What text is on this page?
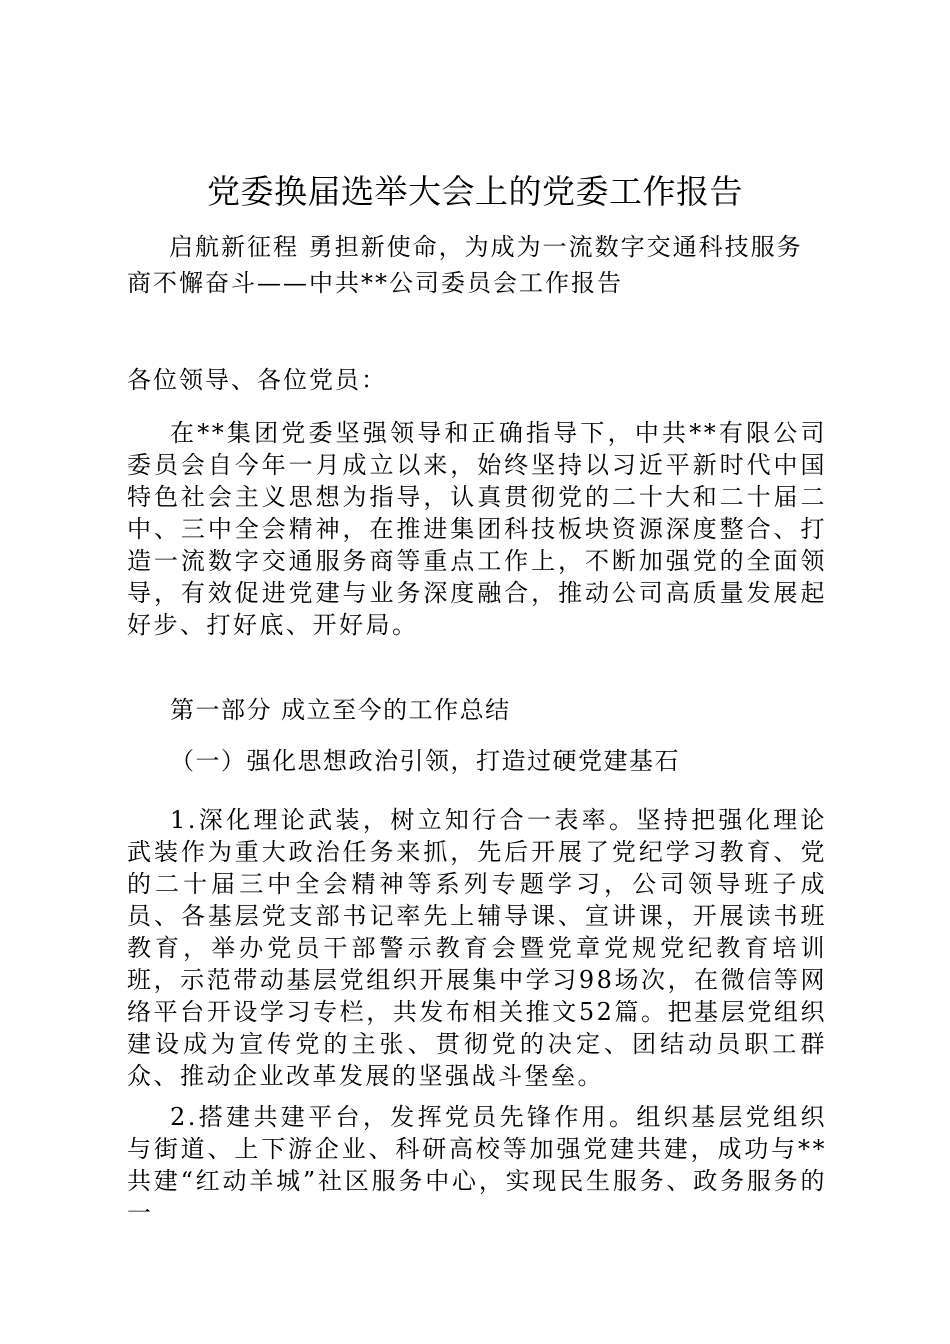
党委换届选举大会上的党委工作报告
启航新征程 勇担新使命，为成为一流数字交通科技服务商不懈奋斗——中共**公司委员会工作报告
各位领导、各位党员：

在**集团党委坚强领导和正确指导下，中共**有限公司委员会自今年一月成立以来，始终坚持以习近平新时代中国特色社会主义思想为指导，认真贯彻党的二十大和二十届二中、三中全会精神，在推进集团科技板块资源深度整合、打造一流数字交通服务商等重点工作上，不断加强党的全面领导，有效促进党建与业务深度融合，推动公司高质量发展起好步、打好底、开好局。

第一部分 成立至今的工作总结
（一）强化思想政治引领，打造过硬党建基石

1.深化理论武装，树立知行合一表率。坚持把强化理论武装作为重大政治任务来抓，先后开展了党纪学习教育、党的二十届三中全会精神等系列专题学习，公司领导班子成员、各基层党支部书记率先上辅导课、宣讲课，开展读书班教育，举办党员干部警示教育会暨党章党规党纪教育培训班，示范带动基层党组织开展集中学习98场次，在微信等网络平台开设学习专栏，共发布相关推文52篇。把基层党组织建设成为宣传党的主张、贯彻党的决定、团结动员职工群众、推动企业改革发展的坚强战斗堡垒。

2.搭建共建平台，发挥党员先锋作用。组织基层党组织与街道、上下游企业、科研高校等加强党建共建，成功与**共建“红动羊城”社区服务中心，实现民生服务、政务服务的一
